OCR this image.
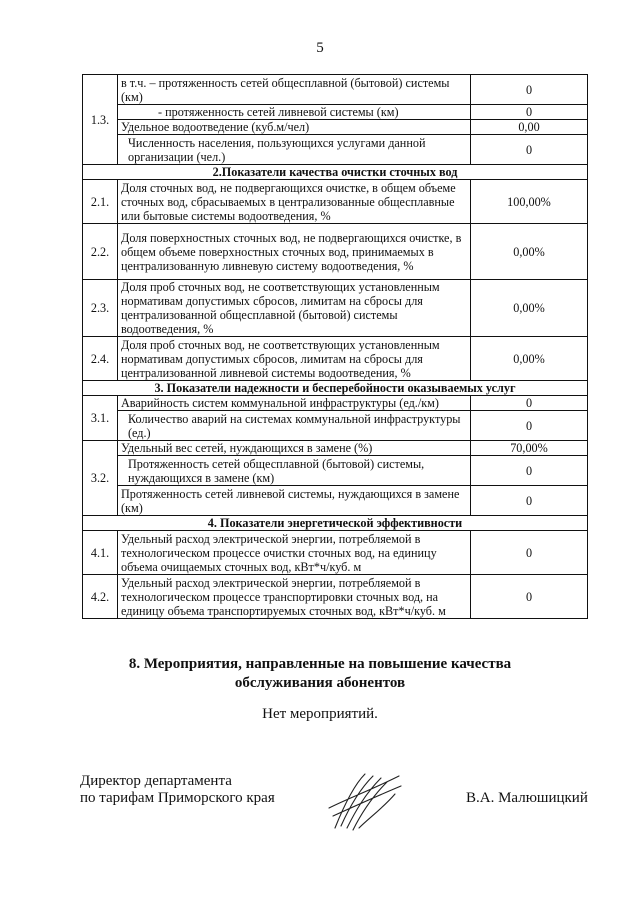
5
1.3.	в т.ч. – протяженность сетей общесплавной (бытовой) системы (км)	0
	- протяженность сетей ливневой системы (км)	0
	Удельное водоотведение (куб.м/чел)	0,00
	Численность населения, пользующихся услугами данной организации (чел.)	0
2.Показатели качества очистки сточных вод		
2.1.	Доля сточных вод, не подвергающихся очистке, в общем объеме сточных вод, сбрасываемых в централизованные общесплавные или бытовые системы водоотведения, %	100,00%
2.2.	Доля поверхностных сточных вод, не подвергающихся очистке, в общем объеме поверхностных сточных вод, принимаемых в централизованную ливневую систему водоотведения, %	0,00%
2.3.	Доля проб сточных вод, не соответствующих установленным нормативам допустимых сбросов, лимитам на сбросы для централизованной общесплавной (бытовой) системы водоотведения, %	0,00%
2.4.	Доля проб сточных вод, не соответствующих установленным нормативам допустимых сбросов, лимитам на сбросы для централизованной ливневой системы водоотведения, %	0,00%
3. Показатели надежности и бесперебойности оказываемых услуг		
3.1.	Аварийность систем коммунальной инфраструктуры (ед./км)	0
	Количество аварий на системах коммунальной инфраструктуры (ед.)	0
3.2.	Удельный вес сетей, нуждающихся в замене (%)	70,00%
	Протяженность сетей общесплавной (бытовой) системы, нуждающихся в замене (км)	0
	Протяженность сетей ливневой системы, нуждающихся в замене (км)	0
4. Показатели энергетической эффективности		
4.1.	Удельный расход электрической энергии, потребляемой в технологическом процессе очистки сточных вод, на единицу объема очищаемых сточных вод, кВт*ч/куб. м	0
4.2.	Удельный расход электрической энергии, потребляемой в технологическом процессе транспортировки сточных вод, на единицу объема транспортируемых сточных вод, кВт*ч/куб. м	0
8. Мероприятия, направленные на повышение качества
обслуживания абонентов
Нет мероприятий.
Директор департамента
по тарифам Приморского края	В.А. Малюшицкий
